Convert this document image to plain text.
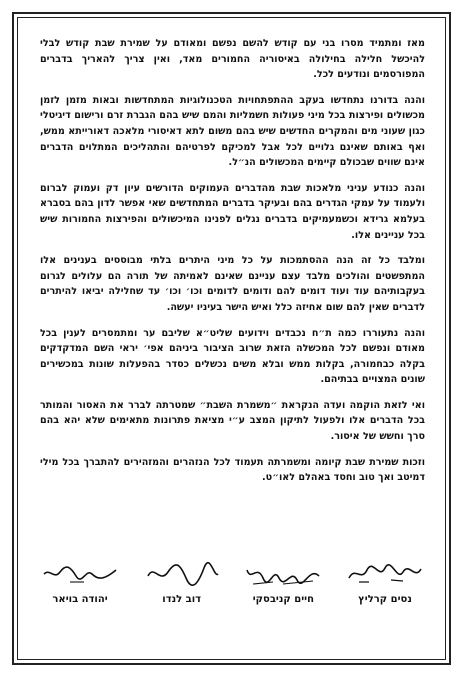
מאז ומתמיד מסרו בני עם קודש להשם נפשם ומאודם על שמירת שבת קודש לבלי להיכשל חלילה בחילולה באיסוריה החמורים מאד, ואין צריך להאריך בדברים המפורסמים ונודעים לכל.

והנה בדורנו נתחדשו בעקב ההתפתחויות הטכנולוגיות המתחדשות ובאות מזמן לזמן מכשולים ופירצות בכל מיני פעולות חשמליות והמם שיש בהם הגברת זרם ורישום דיגיטלי כגון שעוני מים והמקרים החדשים שיש בהם משום לתא דאיסורי מלאכה דאורייתא ממש, ואף באותם שאינם גלויים לכל אבל למכיקם לפרטיהם והתהליכים המתלוים הדברים אינם שווים שבכולם קיימים המכשולים הנ״ל.

והנה כנודע עניני מלאכות שבת מהדברים העמוקים הדורשים עיון דק ועמוק לברום ולעמוד על עמקי הגדרים בהם ובעיקר בדברים המתחדשים שאי אפשר לדון בהם בסברא בעלמא גרידא וכשמעמיקים בדברים נגלים לפנינו המיכשולים והפירצות החמורות שיש בכל עניינים אלו.

ומלבד כל זה הנה ההסתמכות על כל מיני היתרים בלתי מבוססים בענינים אלו המתפשטים והולכים מלבד עצם עניינם שאינם לאמיתה של תורה הם עלולים לגרום בעקבותיהם עוד ועוד דומים להם ודומים לדומים וכו׳ וכו׳ עד שחלילה יביאו להיתרים לדברים שאין להם שום אחיזה כלל ואיש הישר בעיניו יעשה.

והנה נתעוררו כמה ת״ח נכבדים וידועים שליט״א שליבם ער ומתמסרים לענין בכל מאודם ונפשם לכל המכשלה הזאת שרוב הציבור ביניהם אפי׳ יראי השם המדקדקים בקלה כבחמורה, בקלות ממש ובלא משים נכשלים כסדר בהפעלות שונות במכשירים שונים המצויים בבתיהם.

ואי לזאת הוקמה ועדה הנקראת ״משמרת השבת״ שמטרתה לברר את האסור והמותר בכל הדברים אלו ולפעול לתיקון המצב ע״י מציאת פתרונות מתאימים שלא יהא בהם סרך וחשש של איסור.

וזכות שמירת שבת קיומה ומשמרתה תעמוד לכל הנזהרים והמזהירים להתברך בכל מילי דמיטב ואך טוב וחסד באהלם לאו״ט.

נסים קרליץ
חיים קניבסקי
דוב לנדו
יהודה בויאר
